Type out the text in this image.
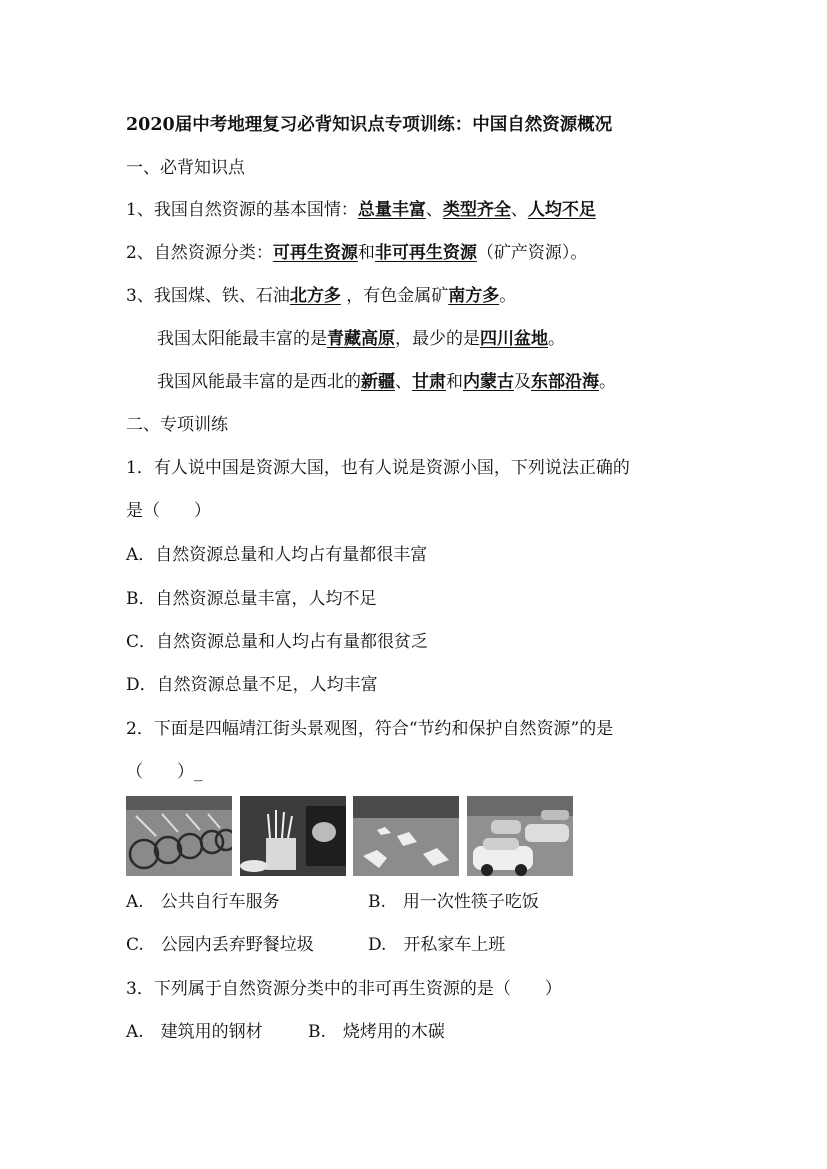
2020届中考地理复习必背知识点专项训练：中国自然资源概况
一、必背知识点
1、我国自然资源的基本国情：总量丰富、类型齐全、人均不足
2、自然资源分类：可再生资源和非可再生资源（矿产资源）。
3、我国煤、铁、石油北方多 ，有色金属矿南方多。
我国太阳能最丰富的是青藏高原，最少的是四川盆地。
我国风能最丰富的是西北的新疆、甘肃和内蒙古及东部沿海。
二、专项训练
1．有人说中国是资源大国，也有人说是资源小国，下列说法正确的
是（　　）
A．自然资源总量和人均占有量都很丰富
B．自然资源总量丰富，人均不足
C．自然资源总量和人均占有量都很贫乏
D．自然资源总量不足，人均丰富
2．下面是四幅靖江街头景观图，符合“节约和保护自然资源”的是
（　　）_
A.　公共自行车服务	B.　用一次性筷子吃饭
C.　公园内丢弃野餐垃圾	D.　开私家车上班
3．下列属于自然资源分类中的非可再生资源的是（　　）
A.　建筑用的钢材	B.　烧烤用的木碳
